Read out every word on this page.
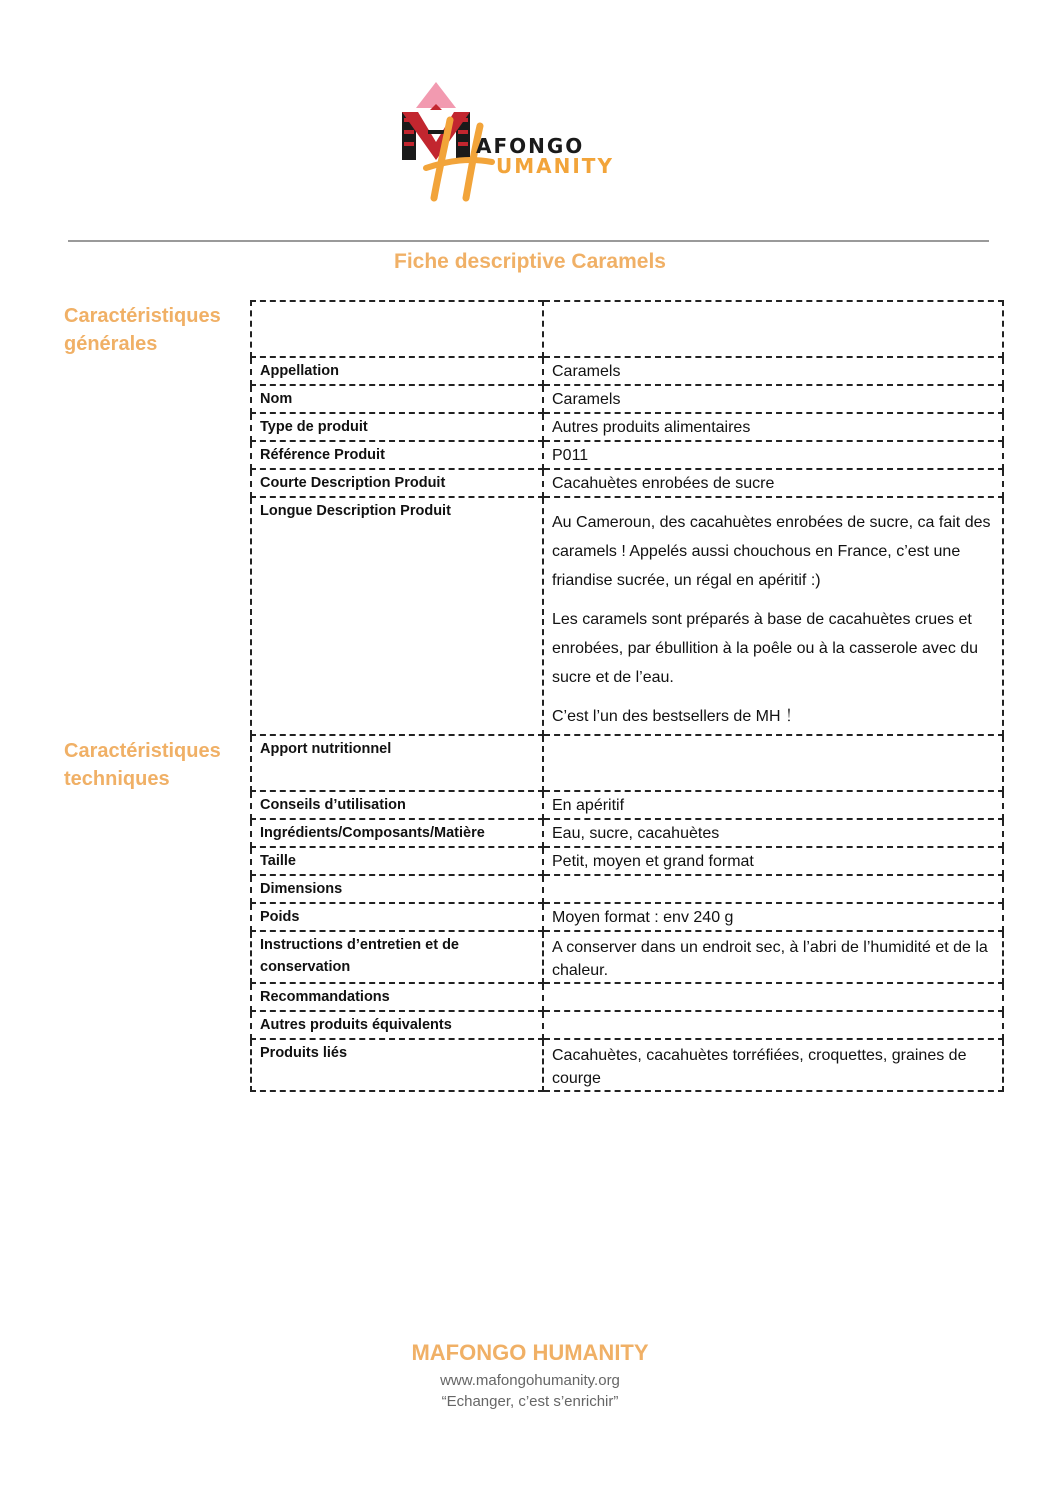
AFONGO
UMANITY
Fiche descriptive Caramels
Caractéristiques
générales
Caractéristiques
techniques

Appellation	Caramels

Nom	Caramels

Type de produit	Autres produits alimentaires

Référence Produit	P011

Courte Description Produit	Cacahuètes enrobées de sucre

Longue Description Produit	Au Cameroun, des cacahuètes enrobées de sucre, ca fait des caramels ! Appelés aussi chouchous en France, c’est une friandise sucrée, un régal en apéritif :)

Les caramels sont préparés à base de cacahuètes crues et enrobées, par ébullition à la poêle ou à la casserole avec du sucre et de l’eau.

C’est l’un des bestsellers de MH ！

Apport nutritionnel	

Conseils d’utilisation	En apéritif

Ingrédients/Composants/Matière	Eau, sucre, cacahuètes

Taille	Petit, moyen et grand format

Dimensions	

Poids	Moyen format : env 240 g

Instructions d’entretien et de conservation	A conserver dans un endroit sec, à l’abri de l’humidité et de la chaleur.

Recommandations	

Autres produits équivalents	

Produits liés	Cacahuètes, cacahuètes torréfiées, croquettes, graines de courge
MAFONGO HUMANITY
www.mafongohumanity.org
“Echanger, c’est s’enrichir”
